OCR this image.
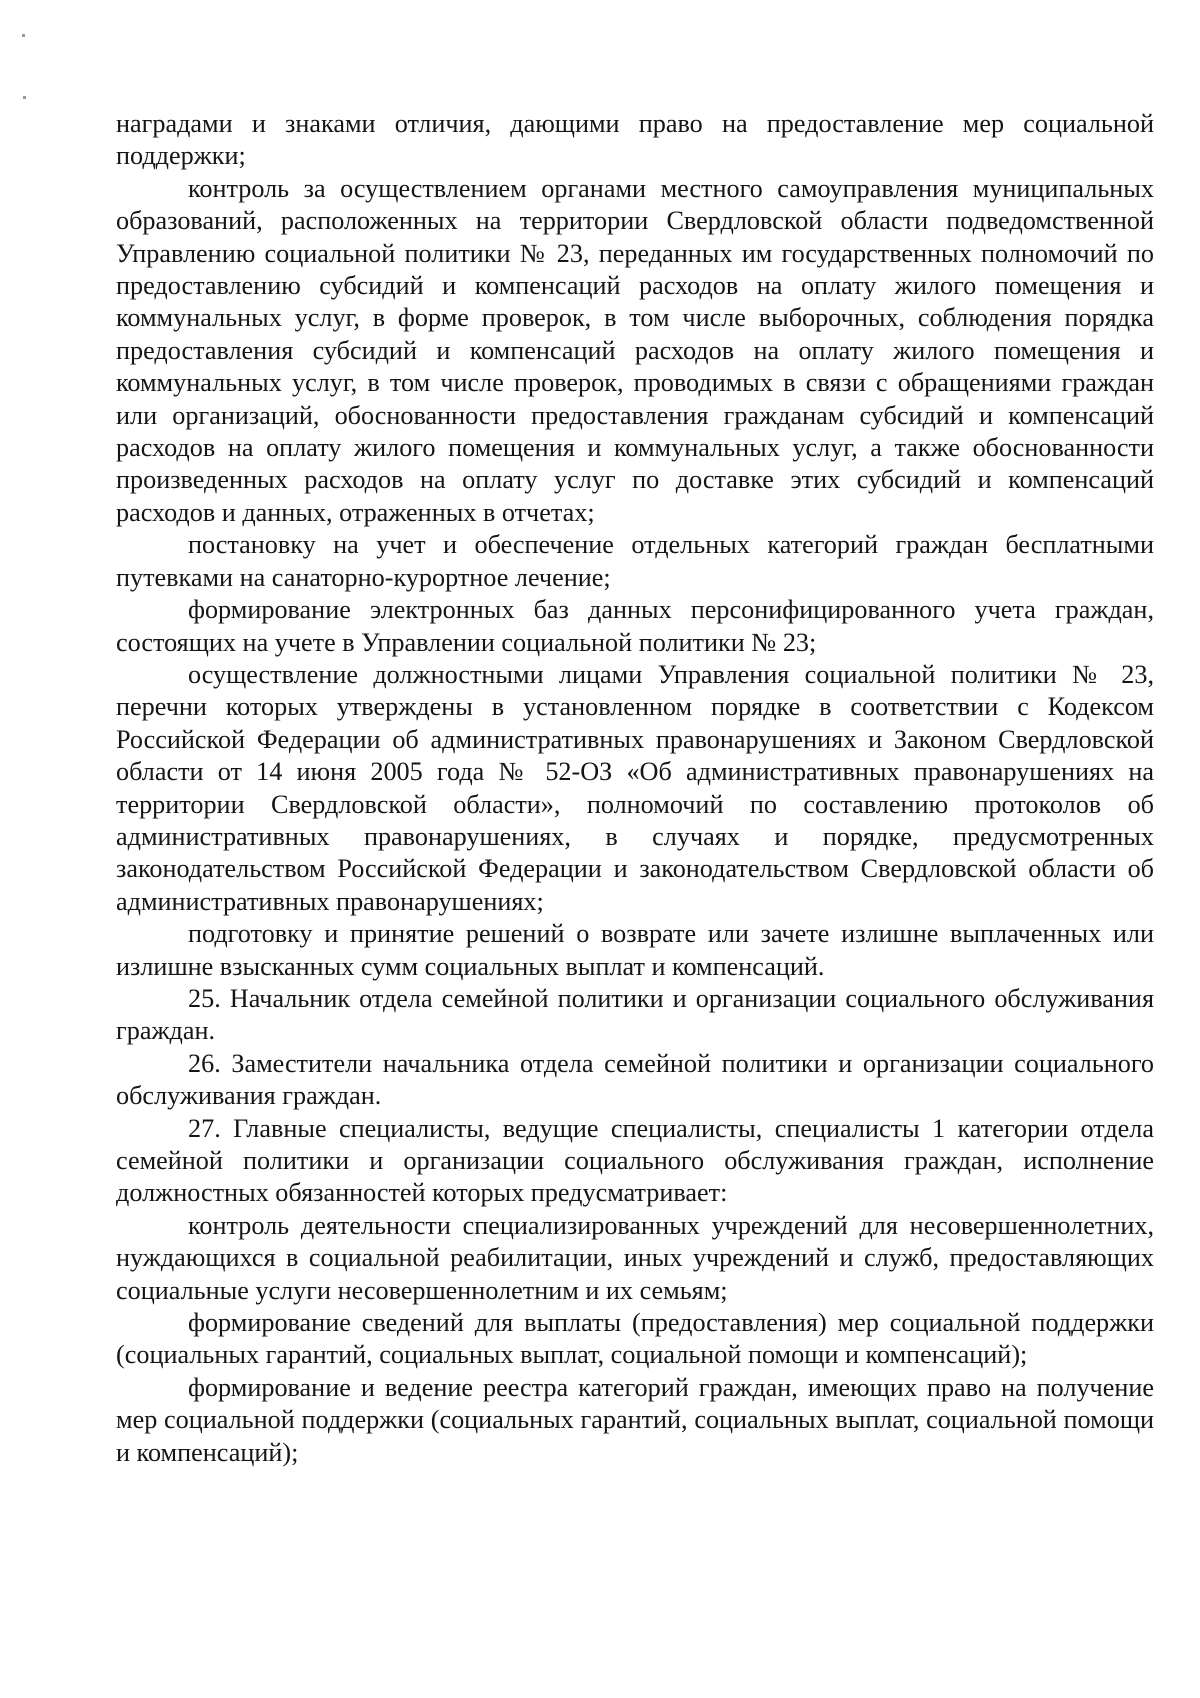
наградами и знаками отличия, дающими право на предоставление мер социальной поддержки;

контроль за осуществлением органами местного самоуправления муниципальных образований, расположенных на территории Свердловской области подведомственной Управлению социальной политики № 23, переданных им государственных полномочий по предоставлению субсидий и компенсаций расходов на оплату жилого помещения и коммунальных услуг, в форме проверок, в том числе выборочных, соблюдения порядка предоставления субсидий и компенсаций расходов на оплату жилого помещения и коммунальных услуг, в том числе проверок, проводимых в связи с обращениями граждан или организаций, обоснованности предоставления гражданам субсидий и компенсаций расходов на оплату жилого помещения и коммунальных услуг, а также обоснованности произведенных расходов на оплату услуг по доставке этих субсидий и компенсаций расходов и данных, отраженных в отчетах;

постановку на учет и обеспечение отдельных категорий граждан бесплатными путевками на санаторно-курортное лечение;

формирование электронных баз данных персонифицированного учета граждан, состоящих на учете в Управлении социальной политики № 23;

осуществление должностными лицами Управления социальной политики № 23, перечни которых утверждены в установленном порядке в соответствии с Кодексом Российской Федерации об административных правонарушениях и Законом Свердловской области от 14 июня 2005 года № 52-ОЗ «Об административных правонарушениях на территории Свердловской области», полномочий по составлению протоколов об административных правонарушениях, в случаях и порядке, предусмотренных законодательством Российской Федерации и законодательством Свердловской области об административных правонарушениях;

подготовку и принятие решений о возврате или зачете излишне выплаченных или излишне взысканных сумм социальных выплат и компенсаций.

25. Начальник отдела семейной политики и организации социального обслуживания граждан.

26. Заместители начальника отдела семейной политики и организации социального обслуживания граждан.

27. Главные специалисты, ведущие специалисты, специалисты 1 категории отдела семейной политики и организации социального обслуживания граждан, исполнение должностных обязанностей которых предусматривает:

контроль деятельности специализированных учреждений для несовершеннолетних, нуждающихся в социальной реабилитации, иных учреждений и служб, предоставляющих социальные услуги несовершеннолетним и их семьям;

формирование сведений для выплаты (предоставления) мер социальной поддержки (социальных гарантий, социальных выплат, социальной помощи и компенсаций);

формирование и ведение реестра категорий граждан, имеющих право на получение мер социальной поддержки (социальных гарантий, социальных выплат, социальной помощи и компенсаций);
